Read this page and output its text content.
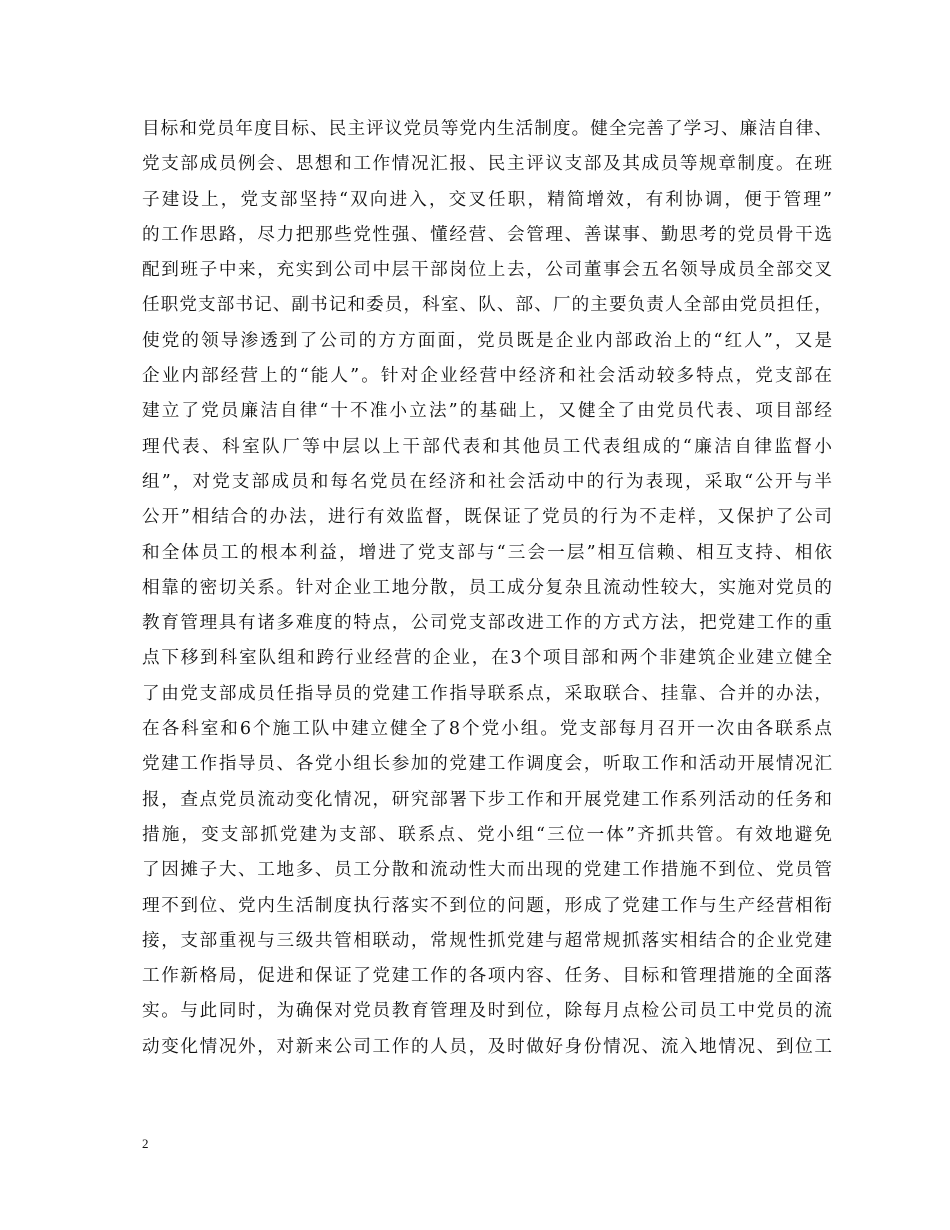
目标和党员年度目标、民主评议党员等党内生活制度。健全完善了学习、廉洁自律、
党支部成员例会、思想和工作情况汇报、民主评议支部及其成员等规章制度。在班
子建设上，党支部坚持“双向进入，交叉任职，精简增效，有利协调，便于管理”
的工作思路，尽力把那些党性强、懂经营、会管理、善谋事、勤思考的党员骨干选
配到班子中来，充实到公司中层干部岗位上去，公司董事会五名领导成员全部交叉
任职党支部书记、副书记和委员，科室、队、部、厂的主要负责人全部由党员担任，
使党的领导渗透到了公司的方方面面，党员既是企业内部政治上的“红人”，又是
企业内部经营上的“能人”。针对企业经营中经济和社会活动较多特点，党支部在
建立了党员廉洁自律“十不准小立法”的基础上，又健全了由党员代表、项目部经
理代表、科室队厂等中层以上干部代表和其他员工代表组成的“廉洁自律监督小
组”，对党支部成员和每名党员在经济和社会活动中的行为表现，采取“公开与半
公开”相结合的办法，进行有效监督，既保证了党员的行为不走样，又保护了公司
和全体员工的根本利益，增进了党支部与“三会一层”相互信赖、相互支持、相依
相靠的密切关系。针对企业工地分散，员工成分复杂且流动性较大，实施对党员的
教育管理具有诸多难度的特点，公司党支部改进工作的方式方法，把党建工作的重
点下移到科室队组和跨行业经营的企业，在3个项目部和两个非建筑企业建立健全
了由党支部成员任指导员的党建工作指导联系点，采取联合、挂靠、合并的办法，
在各科室和6个施工队中建立健全了8个党小组。党支部每月召开一次由各联系点
党建工作指导员、各党小组长参加的党建工作调度会，听取工作和活动开展情况汇
报，查点党员流动变化情况，研究部署下步工作和开展党建工作系列活动的任务和
措施，变支部抓党建为支部、联系点、党小组“三位一体”齐抓共管。有效地避免
了因摊子大、工地多、员工分散和流动性大而出现的党建工作措施不到位、党员管
理不到位、党内生活制度执行落实不到位的问题，形成了党建工作与生产经营相衔
接，支部重视与三级共管相联动，常规性抓党建与超常规抓落实相结合的企业党建
工作新格局，促进和保证了党建工作的各项内容、任务、目标和管理措施的全面落
实。与此同时，为确保对党员教育管理及时到位，除每月点检公司员工中党员的流
动变化情况外，对新来公司工作的人员，及时做好身份情况、流入地情况、到位工
2
